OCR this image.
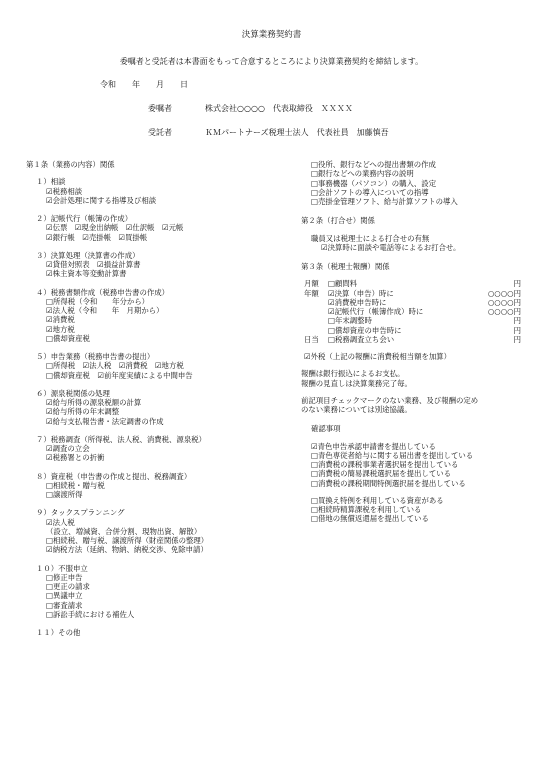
決算業務契約書
委嘱者と受託者は本書面をもって合意するところにより決算業務契約を締結します。
令和　　年　　月　　日
委嘱者	株式会社○○○○　代表取締役　ＸＸＸＸ
受託者	ＫＭパートナーズ税理士法人　代表社員　加藤慎吾
第１条（業務の内容）関係
１）相談
☑税務相談
☑会計処理に関する指導及び相談
２）記帳代行（帳簿の作成）
☑伝票　☑現金出納帳　☑仕訳帳　☑元帳
☑銀行帳　☑売掛帳　☑買掛帳
３）決算処理（決算書の作成）
☑貸借対照表　☑損益計算書
☑株主資本等変動計算書
４）税務書類作成（税務申告書の作成）
□所得税（令和　　年分から）
☑法人税（令和　　年　月期から）
☑消費税
☑地方税
□償却資産税
５）申告業務（税務申告書の提出）
□所得税　☑法人税　☑消費税　☑地方税
□償却資産税　☑前年度実績による中間申告
６）源泉税関係の処理
☑給与所得の源泉税額の計算
☑給与所得の年末調整
☑給与支払報告書・法定調書の作成
７）税務調査（所得税、法人税、消費税、源泉税）
☑調査の立会
☑税務署との折衝
８）資産税（申告書の作成と提出、税務調査）
□相続税・贈与税
□譲渡所得
９）タックスプランニング
☑法人税
（設立、増減資、合併分割、現物出資、解散）
□相続税、贈与税、譲渡所得（財産関係の整理）
☑納税方法（延納、物納、納税交渉、免除申請）
１０）不服申立
□修正申告
□更正の請求
□異議申立
□審査請求
□訴訟手続における補佐人
１１）その他
□役所、銀行などへの提出書類の作成
□銀行などへの業務内容の説明
□事務機器（パソコン）の購入、設定
□会計ソフトの導入についての指導
□売掛金管理ソフト、給与計算ソフトの導入
第２条（打合せ）関係
職員又は税理士による打合せの有無
☑決算時に面談や電話等によるお打合せ。
第３条（税理士報酬）関係
月額	□顧問料	円
年額	☑決算（申告）時に	○○○○円
☑消費税申告時に	○○○○円
☑記帳代行（帳簿作成）時に	○○○○円
□年末調整時	円
□償却資産の申告時に	円
日当	□税務調査立ち会い	円
☑外税（上記の報酬に消費税相当額を加算）
報酬は銀行振込によるお支払。
報酬の見直しは決算業務完了毎。
前記項目チェックマークのない業務、及び報酬の定め
のない業務については別途協議。
確認事項
☑青色申告承認申請書を提出している
□青色専従者給与に関する届出書を提出している
□消費税の課税事業者選択届を提出している
□消費税の簡易課税選択届を提出している
□消費税の課税期間特例選択届を提出している
□買換え特例を利用している資産がある
□相続時精算課税を利用している
□借地の無償返還届を提出している
